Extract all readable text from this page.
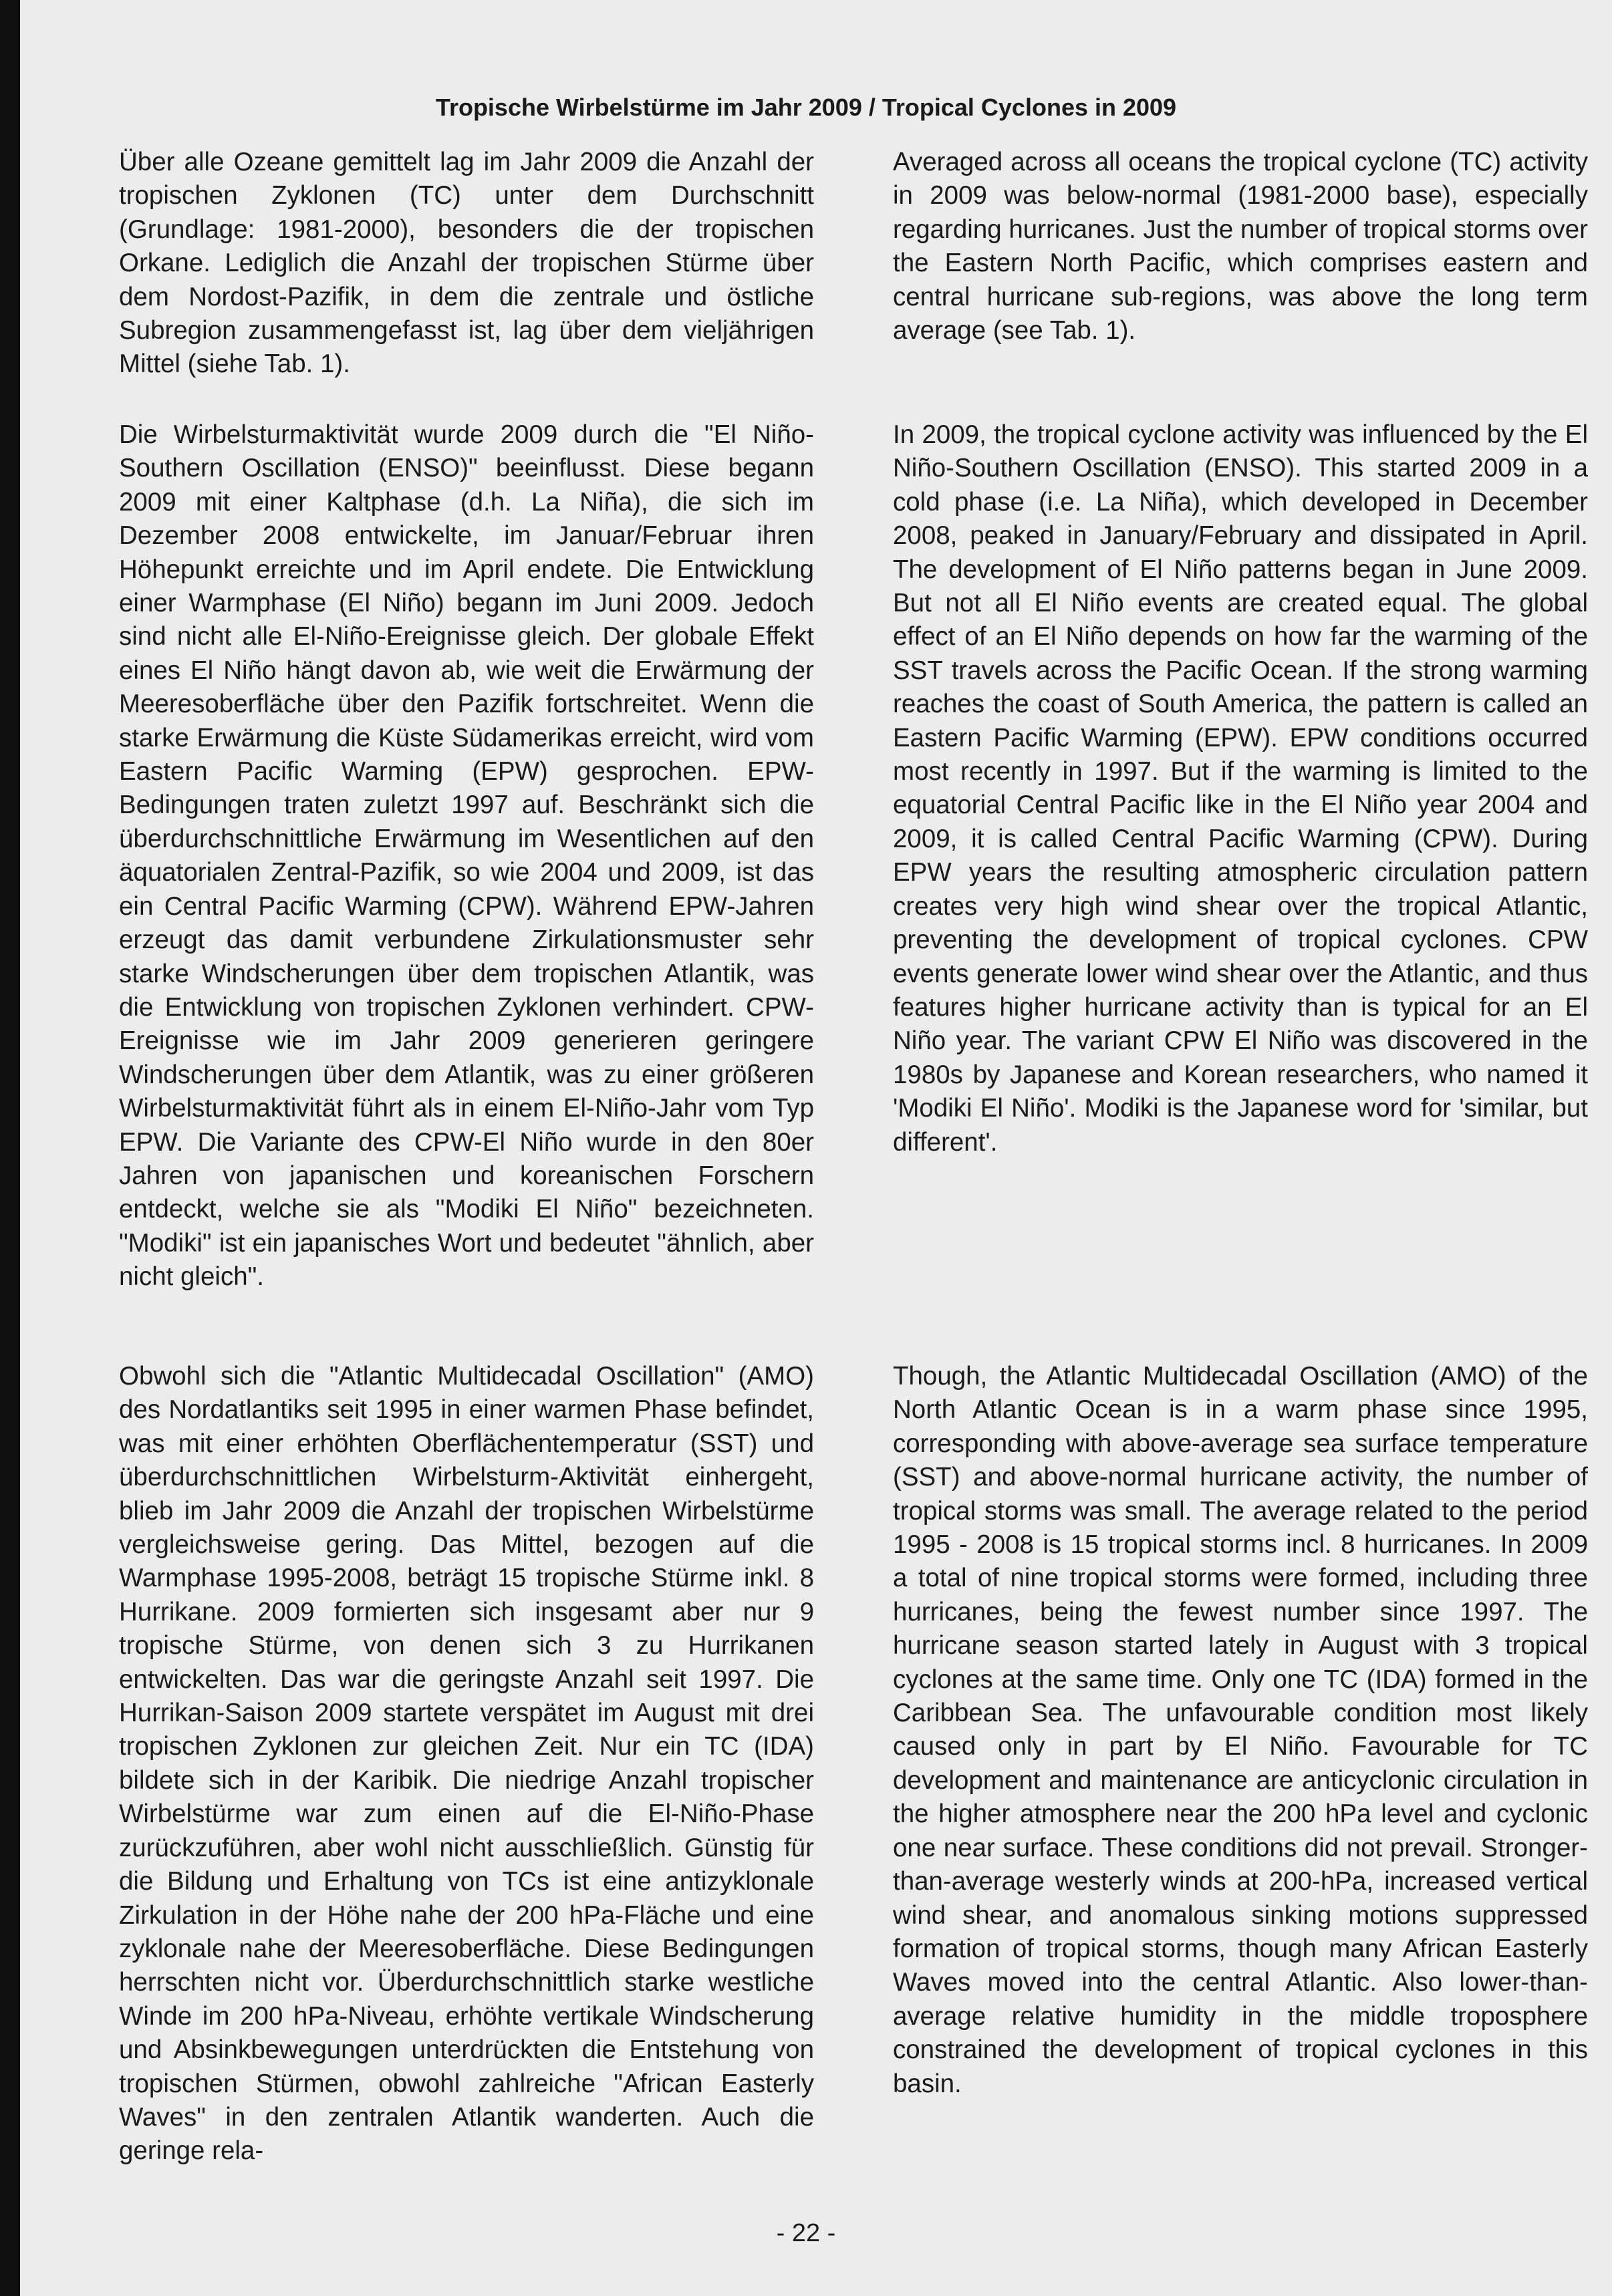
Tropische Wirbelstürme im Jahr 2009 / Tropical Cyclones in 2009

Über alle Ozeane gemittelt lag im Jahr 2009 die Anzahl der tropischen Zyklonen (TC) unter dem Durchschnitt (Grundlage: 1981-2000), besonders die der tropischen Orkane. Lediglich die Anzahl der tropischen Stürme über dem Nordost-Pazifik, in dem die zentrale und östliche Subregion zusammengefasst ist, lag über dem vieljährigen Mittel (siehe Tab. 1).

Die Wirbelsturmaktivität wurde 2009 durch die "El Niño-Southern Oscillation (ENSO)" beeinflusst. Diese begann 2009 mit einer Kaltphase (d.h. La Niña), die sich im Dezember 2008 entwickelte, im Januar/Februar ihren Höhepunkt erreichte und im April endete. Die Entwicklung einer Warmphase (El Niño) begann im Juni 2009. Jedoch sind nicht alle El-Niño-Ereignisse gleich. Der globale Effekt eines El Niño hängt davon ab, wie weit die Erwärmung der Meeresoberfläche über den Pazifik fortschreitet. Wenn die starke Erwärmung die Küste Südamerikas erreicht, wird vom Eastern Pacific Warming (EPW) gesprochen. EPW-Bedingungen traten zuletzt 1997 auf. Beschränkt sich die überdurchschnittliche Erwärmung im Wesentlichen auf den äquatorialen Zentral-Pazifik, so wie 2004 und 2009, ist das ein Central Pacific Warming (CPW). Während EPW-Jahren erzeugt das damit verbundene Zirkulationsmuster sehr starke Windscherungen über dem tropischen Atlantik, was die Entwicklung von tropischen Zyklonen verhindert. CPW-Ereignisse wie im Jahr 2009 generieren geringere Windscherungen über dem Atlantik, was zu einer größeren Wirbelsturmaktivität führt als in einem El-Niño-Jahr vom Typ EPW. Die Variante des CPW-El Niño wurde in den 80er Jahren von japanischen und koreanischen Forschern entdeckt, welche sie als "Modiki El Niño" bezeichneten. "Modiki" ist ein japanisches Wort und bedeutet "ähnlich, aber nicht gleich".

Obwohl sich die "Atlantic Multidecadal Oscillation" (AMO) des Nordatlantiks seit 1995 in einer warmen Phase befindet, was mit einer erhöhten Oberflächentemperatur (SST) und überdurchschnittlichen Wirbelsturm-Aktivität einhergeht, blieb im Jahr 2009 die Anzahl der tropischen Wirbelstürme vergleichsweise gering. Das Mittel, bezogen auf die Warmphase 1995-2008, beträgt 15 tropische Stürme inkl. 8 Hurrikane. 2009 formierten sich insgesamt aber nur 9 tropische Stürme, von denen sich 3 zu Hurrikanen entwickelten. Das war die geringste Anzahl seit 1997. Die Hurrikan-Saison 2009 startete verspätet im August mit drei tropischen Zyklonen zur gleichen Zeit. Nur ein TC (IDA) bildete sich in der Karibik. Die niedrige Anzahl tropischer Wirbelstürme war zum einen auf die El-Niño-Phase zurückzuführen, aber wohl nicht ausschließlich. Günstig für die Bildung und Erhaltung von TCs ist eine antizyklonale Zirkulation in der Höhe nahe der 200 hPa-Fläche und eine zyklonale nahe der Meeresoberfläche. Diese Bedingungen herrschten nicht vor. Überdurchschnittlich starke westliche Winde im 200 hPa-Niveau, erhöhte vertikale Windscherung und Absinkbewegungen unterdrückten die Entstehung von tropischen Stürmen, obwohl zahlreiche "African Easterly Waves" in den zentralen Atlantik wanderten. Auch die geringe rela-

Averaged across all oceans the tropical cyclone (TC) activity in 2009 was below-normal (1981-2000 base), especially regarding hurricanes. Just the number of tropical storms over the Eastern North Pacific, which comprises eastern and central hurricane sub-regions, was above the long term average (see Tab. 1).

In 2009, the tropical cyclone activity was influenced by the El Niño-Southern Oscillation (ENSO). This started 2009 in a cold phase (i.e. La Niña), which developed in December 2008, peaked in January/February and dissipated in April. The development of El Niño patterns began in June 2009. But not all El Niño events are created equal. The global effect of an El Niño depends on how far the warming of the SST travels across the Pacific Ocean. If the strong warming reaches the coast of South America, the pattern is called an Eastern Pacific Warming (EPW). EPW conditions occurred most recently in 1997. But if the warming is limited to the equatorial Central Pacific like in the El Niño year 2004 and 2009, it is called Central Pacific Warming (CPW). During EPW years the resulting atmospheric circulation pattern creates very high wind shear over the tropical Atlantic, preventing the development of tropical cyclones. CPW events generate lower wind shear over the Atlantic, and thus features higher hurricane activity than is typical for an El Niño year. The variant CPW El Niño was discovered in the 1980s by Japanese and Korean researchers, who named it 'Modiki El Niño'. Modiki is the Japanese word for 'similar, but different'.

Though, the Atlantic Multidecadal Oscillation (AMO) of the North Atlantic Ocean is in a warm phase since 1995, corresponding with above-average sea surface temperature (SST) and above-normal hurricane activity, the number of tropical storms was small. The average related to the period 1995 - 2008 is 15 tropical storms incl. 8 hurricanes. In 2009 a total of nine tropical storms were formed, including three hurricanes, being the fewest number since 1997. The hurricane season started lately in August with 3 tropical cyclones at the same time. Only one TC (IDA) formed in the Caribbean Sea. The unfavourable condition most likely caused only in part by El Niño. Favourable for TC development and maintenance are anticyclonic circulation in the higher atmosphere near the 200 hPa level and cyclonic one near surface. These conditions did not prevail. Stronger-than-average westerly winds at 200-hPa, increased vertical wind shear, and anomalous sinking motions suppressed formation of tropical storms, though many African Easterly Waves moved into the central Atlantic. Also lower-than-average relative humidity in the middle troposphere constrained the development of tropical cyclones in this basin.

- 22 -
